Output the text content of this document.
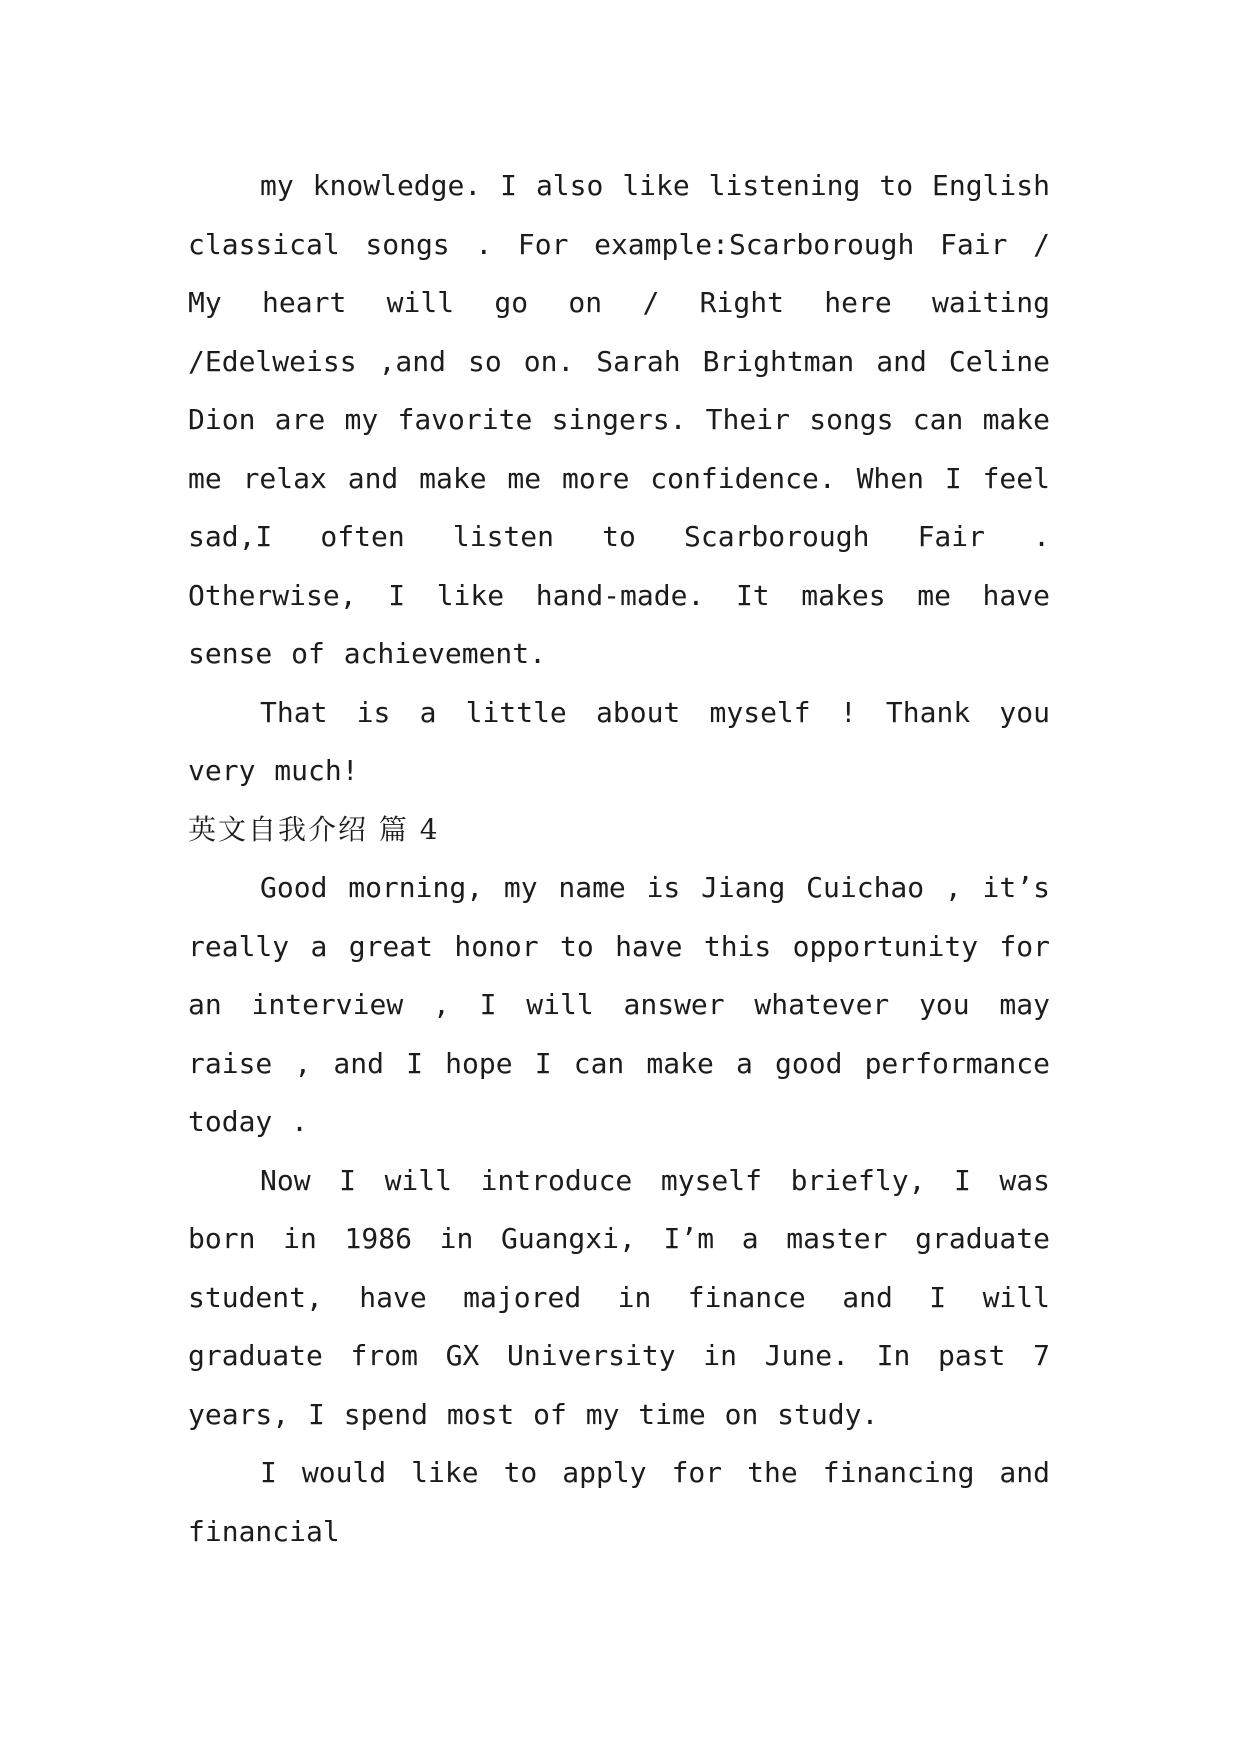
my knowledge. I also like listening to English classical songs . For example:Scarborough Fair / My heart will go on / Right here waiting /Edelweiss ,and so on. Sarah Brightman and Celine Dion are my favorite singers. Their songs can make me relax and make me more confidence. When I feel sad,I often listen to Scarborough Fair . Otherwise, I like hand-made. It makes me have sense of achievement.

That is a little about myself ! Thank you very much!

英文自我介绍 篇 4

Good morning, my name is Jiang Cuichao , it’s really a great honor to have this opportunity for an interview , I will answer whatever you may raise , and I hope I can make a good performance today .

Now I will introduce myself briefly, I was born in 1986 in Guangxi, I’m a master graduate student, have majored in finance and I will graduate from GX University in June. In past 7 years, I spend most of my time on study.

I would like to apply for the financing and financial
